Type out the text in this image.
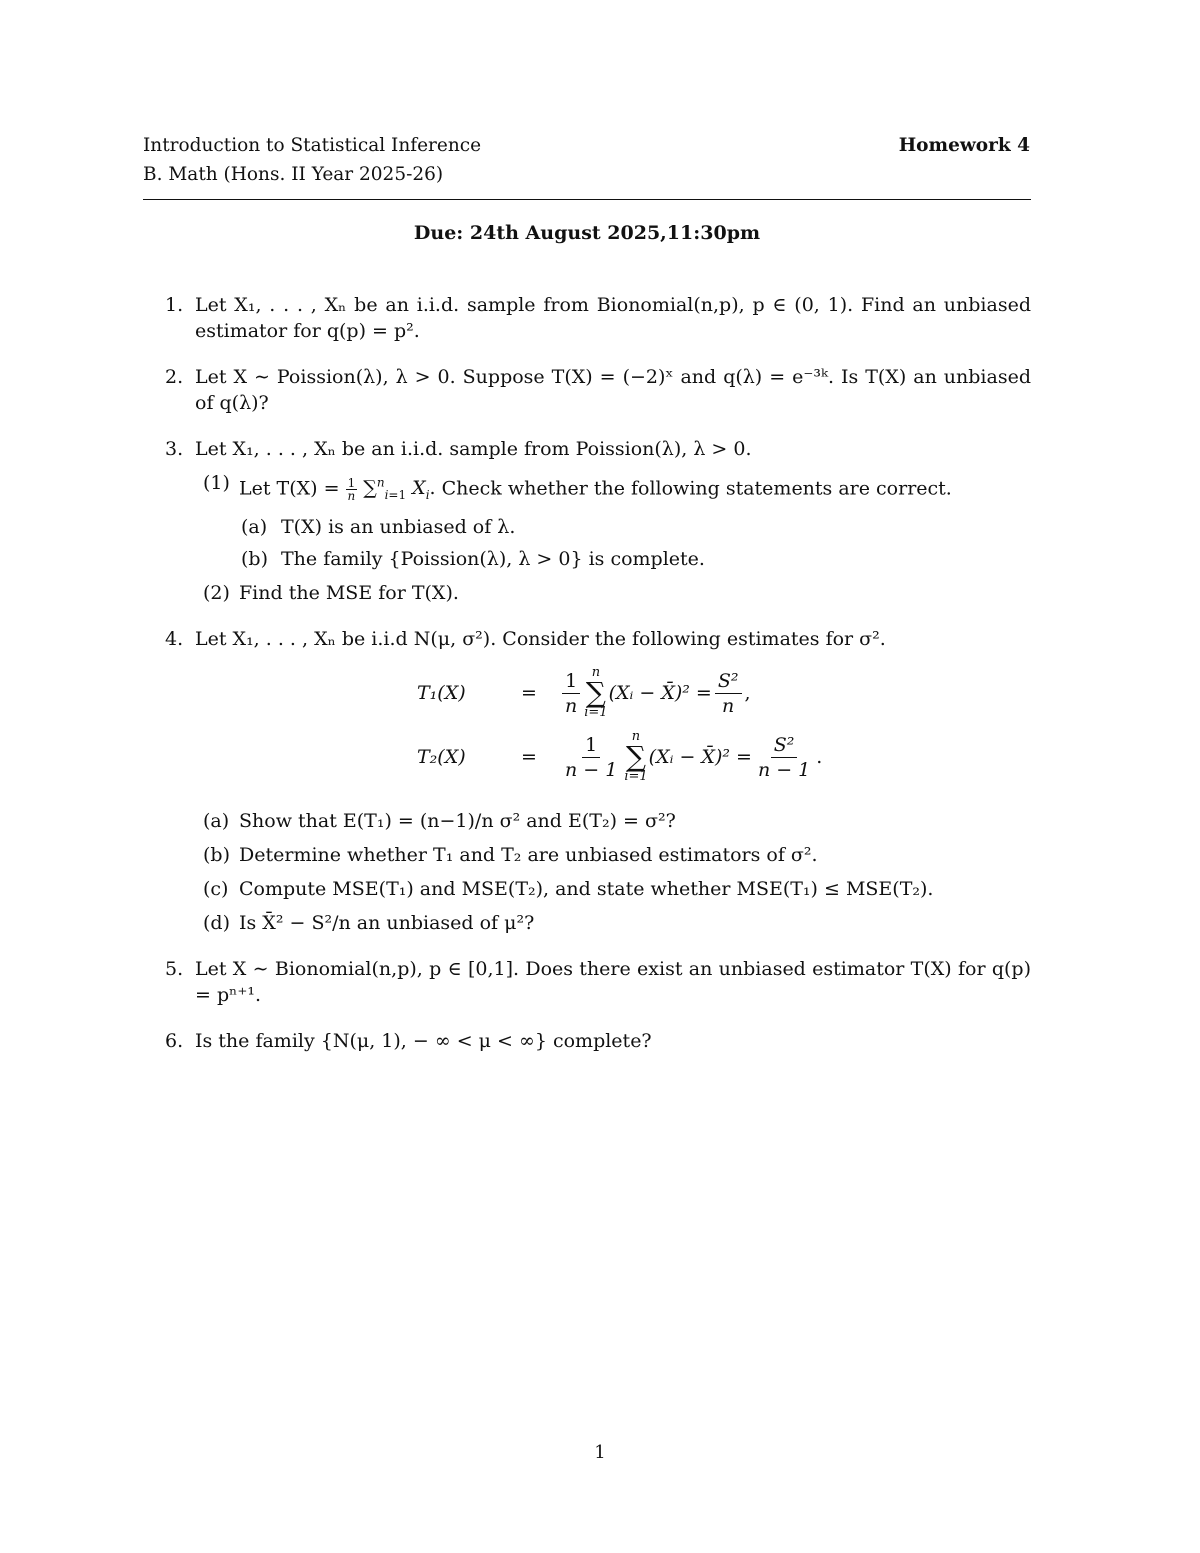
Introduction to Statistical Inference
B. Math (Hons. II Year 2025-26)
Homework 4
Due: 24th August 2025,11:30pm
1. Let X₁, . . . , Xₙ be an i.i.d. sample from Bionomial(n,p), p ∈ (0, 1). Find an unbiased estimator for q(p) = p².
2. Let X ∼ Poission(λ), λ > 0. Suppose T(X) = (−2)ˣ and q(λ) = e⁻³ᵏ. Is T(X) an unbiased of q(λ)?
3. Let X₁, . . . , Xₙ be an i.i.d. sample from Poission(λ), λ > 0.
(1) Let $T(X) = \frac{1}{n} \sum^n_{i=1}$ $X_i$. Check whether the following statements are correct.
(a) T(X) is an unbiased of λ.
(b) The family {Poission(λ), λ > 0} is complete.
(2) Find the MSE for T(X).
4. Let X₁, . . . , Xₙ be i.i.d N(μ, σ²). Consider the following estimates for σ².
T₁(X)	=	$\frac{1}{n}$ n
∑
i=1
(Xᵢ − X̄)² = $\frac{\text{S²}}{n}$ ,
T₂(X)	=	$\frac{1}{n - 1}$ n
∑
i=1
(Xᵢ − X̄)² = $\frac{\text{S²}}{n - 1}$ .
(a) Show that E(T₁) = (n−1)/n σ² and E(T₂) = σ²?
(b) Determine whether T₁ and T₂ are unbiased estimators of σ².
(c) Compute MSE(T₁) and MSE(T₂), and state whether MSE(T₁) ≤ MSE(T₂).
(d) Is X̄² − S²/n an unbiased of μ²?
5. Let X ∼ Bionomial(n,p), p ∈ [0,1]. Does there exist an unbiased estimator T(X) for q(p) = pⁿ⁺¹.
6. Is the family {N(μ, 1), − ∞ < μ < ∞} complete?
1
